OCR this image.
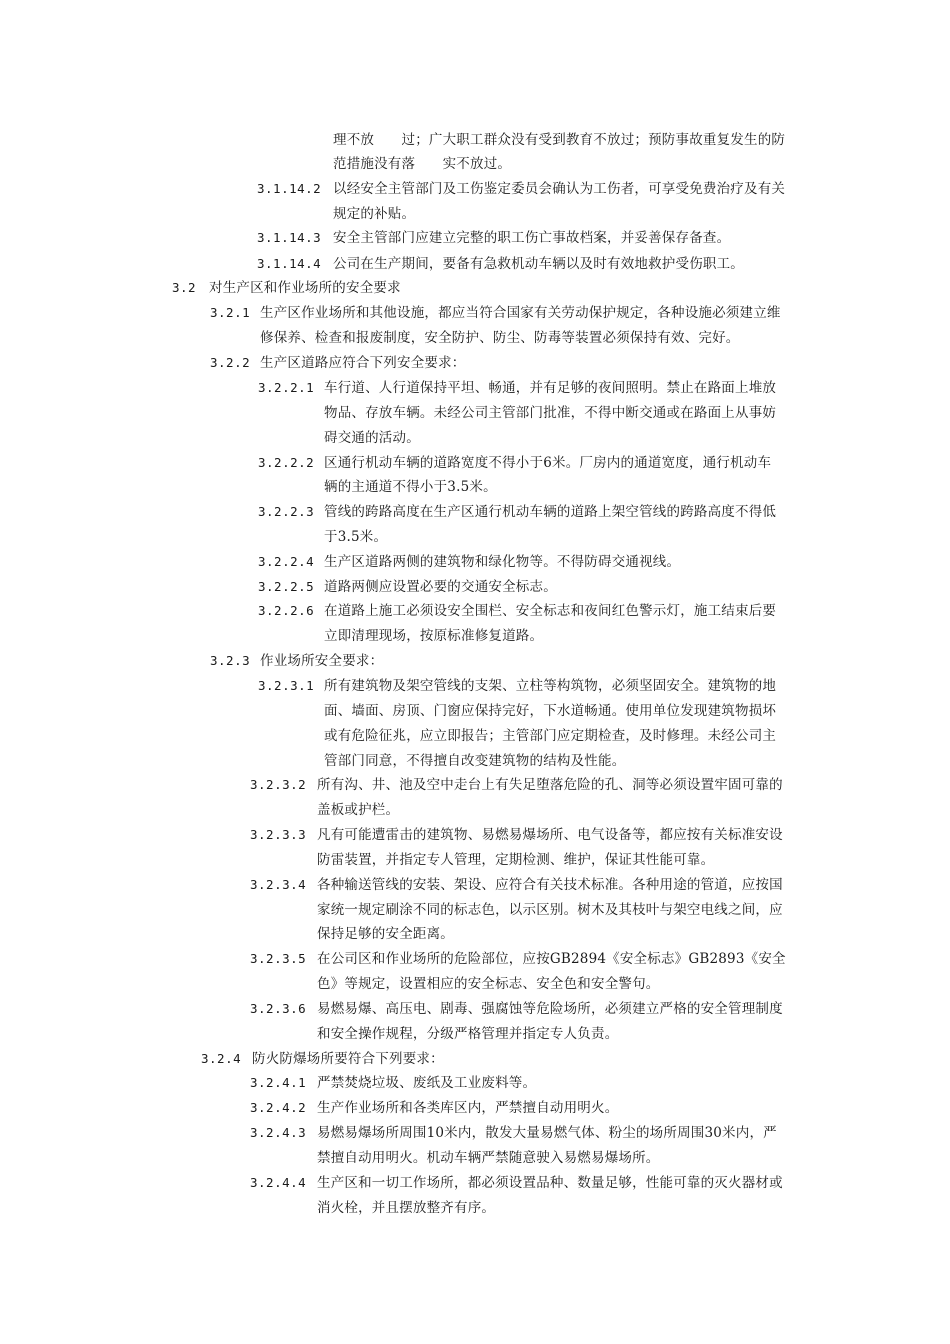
3.1.14.2
3.1.14.3
3.1.14.4
3.2
3.2.1
3.2.2
3.2.2.1
3.2.2.2
3.2.2.3
3.2.2.4
3.2.2.5
3.2.2.6
3.2.3
3.2.3.1
3.2.3.2
3.2.3.3
3.2.3.4
3.2.3.5
3.2.3.6
3.2.4
3.2.4.1
3.2.4.2
3.2.4.3
3.2.4.4
理不放　　过；广大职工群众没有受到教育不放过；预防事故重复发生的防
范措施没有落　　实不放过。
以经安全主管部门及工伤鉴定委员会确认为工伤者，可享受免费治疗及有关
规定的补贴。
安全主管部门应建立完整的职工伤亡事故档案，并妥善保存备查。
公司在生产期间，要备有急救机动车辆以及时有效地救护受伤职工。
对生产区和作业场所的安全要求
生产区作业场所和其他设施，都应当符合国家有关劳动保护规定，各种设施必须建立维
修保养、检查和报废制度，安全防护、防尘、防毒等装置必须保持有效、完好。
生产区道路应符合下列安全要求：
车行道、人行道保持平坦、畅通，并有足够的夜间照明。禁止在路面上堆放
物品、存放车辆。未经公司主管部门批准，不得中断交通或在路面上从事妨
碍交通的活动。
区通行机动车辆的道路宽度不得小于6米。厂房内的通道宽度，通行机动车
辆的主通道不得小于3.5米。
管线的跨路高度在生产区通行机动车辆的道路上架空管线的跨路高度不得低
于3.5米。
生产区道路两侧的建筑物和绿化物等。不得防碍交通视线。
道路两侧应设置必要的交通安全标志。
在道路上施工必须设安全围栏、安全标志和夜间红色警示灯，施工结束后要
立即清理现场，按原标准修复道路。
作业场所安全要求：
所有建筑物及架空管线的支架、立柱等构筑物，必须坚固安全。建筑物的地
面、墙面、房顶、门窗应保持完好，下水道畅通。使用单位发现建筑物损坏
或有危险征兆，应立即报告；主管部门应定期检查，及时修理。未经公司主
管部门同意，不得擅自改变建筑物的结构及性能。
所有沟、井、池及空中走台上有失足堕落危险的孔、洞等必须设置牢固可靠的
盖板或护栏。
凡有可能遭雷击的建筑物、易燃易爆场所、电气设备等，都应按有关标准安设
防雷装置，并指定专人管理，定期检测、维护，保证其性能可靠。
各种输送管线的安装、架设、应符合有关技术标准。各种用途的管道，应按国
家统一规定刷涂不同的标志色，以示区别。树木及其枝叶与架空电线之间，应
保持足够的安全距离。
在公司区和作业场所的危险部位，应按GB2894《安全标志》GB2893《安全
色》等规定，设置相应的安全标志、安全色和安全警句。
易燃易爆、高压电、剧毒、强腐蚀等危险场所，必须建立严格的安全管理制度
和安全操作规程，分级严格管理并指定专人负责。
防火防爆场所要符合下列要求：
严禁焚烧垃圾、废纸及工业废料等。
生产作业场所和各类库区内，严禁擅自动用明火。
易燃易爆场所周围10米内，散发大量易燃气体、粉尘的场所周围30米内，严
禁擅自动用明火。机动车辆严禁随意驶入易燃易爆场所。
生产区和一切工作场所，都必须设置品种、数量足够，性能可靠的灭火器材或
消火栓，并且摆放整齐有序。
